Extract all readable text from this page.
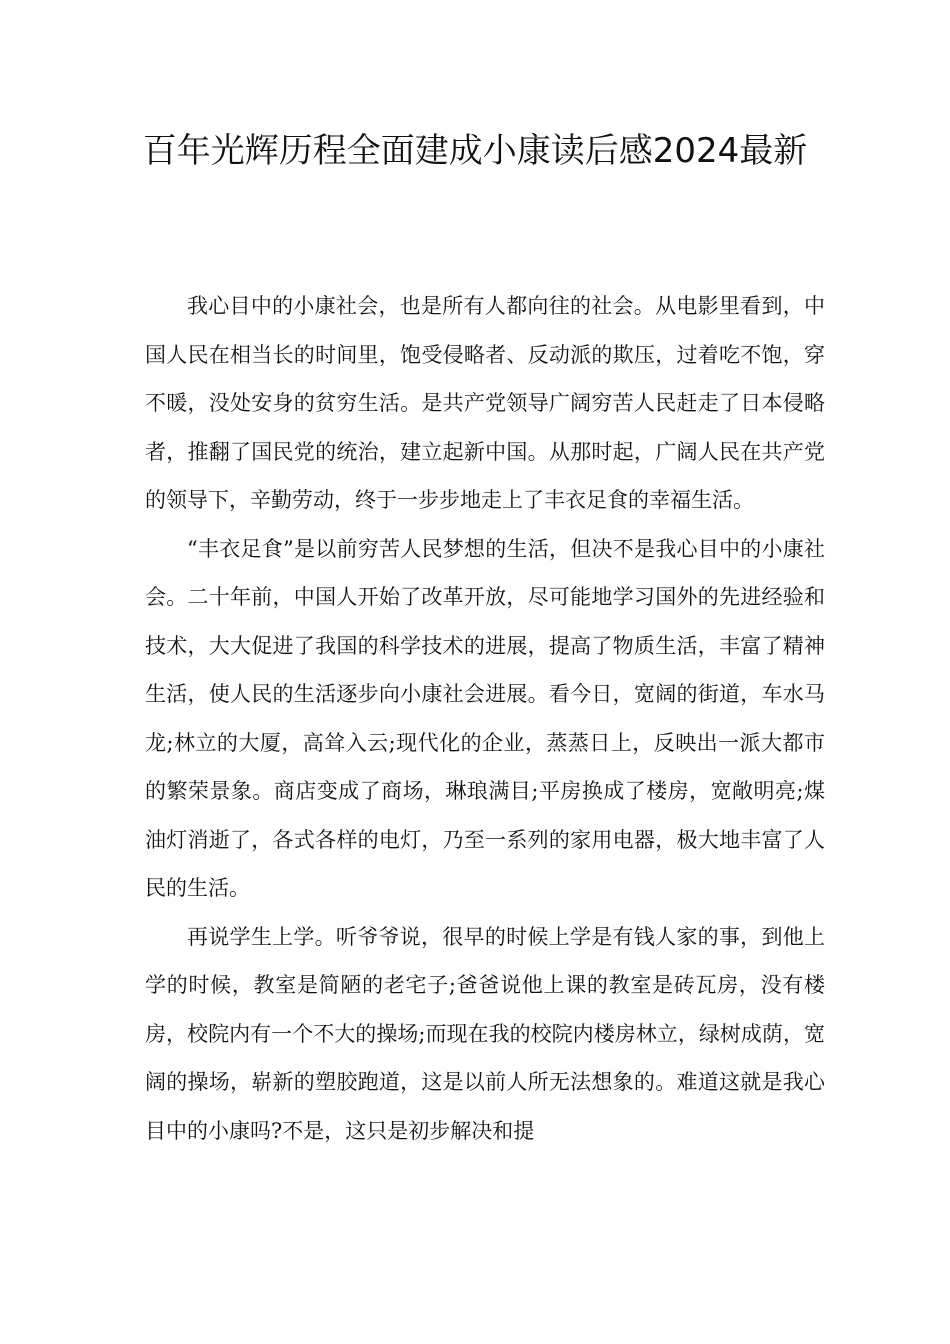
百年光辉历程全面建成小康读后感2024最新

我心目中的小康社会，也是所有人都向往的社会。从电影里看到，中国人民在相当长的时间里，饱受侵略者、反动派的欺压，过着吃不饱，穿不暖，没处安身的贫穷生活。是共产党领导广阔穷苦人民赶走了日本侵略者，推翻了国民党的统治，建立起新中国。从那时起，广阔人民在共产党的领导下，辛勤劳动，终于一步步地走上了丰衣足食的幸福生活。

“丰衣足食”是以前穷苦人民梦想的生活，但决不是我心目中的小康社会。二十年前，中国人开始了改革开放，尽可能地学习国外的先进经验和技术，大大促进了我国的科学技术的进展，提高了物质生活，丰富了精神生活，使人民的生活逐步向小康社会进展。看今日，宽阔的街道，车水马龙;林立的大厦，高耸入云;现代化的企业，蒸蒸日上，反映出一派大都市的繁荣景象。商店变成了商场，琳琅满目;平房换成了楼房，宽敞明亮;煤油灯消逝了，各式各样的电灯，乃至一系列的家用电器，极大地丰富了人民的生活。

再说学生上学。听爷爷说，很早的时候上学是有钱人家的事，到他上学的时候，教室是简陋的老宅子;爸爸说他上课的教室是砖瓦房，没有楼房，校院内有一个不大的操场;而现在我的校院内楼房林立，绿树成荫，宽阔的操场，崭新的塑胶跑道，这是以前人所无法想象的。难道这就是我心目中的小康吗?不是，这只是初步解决和提
